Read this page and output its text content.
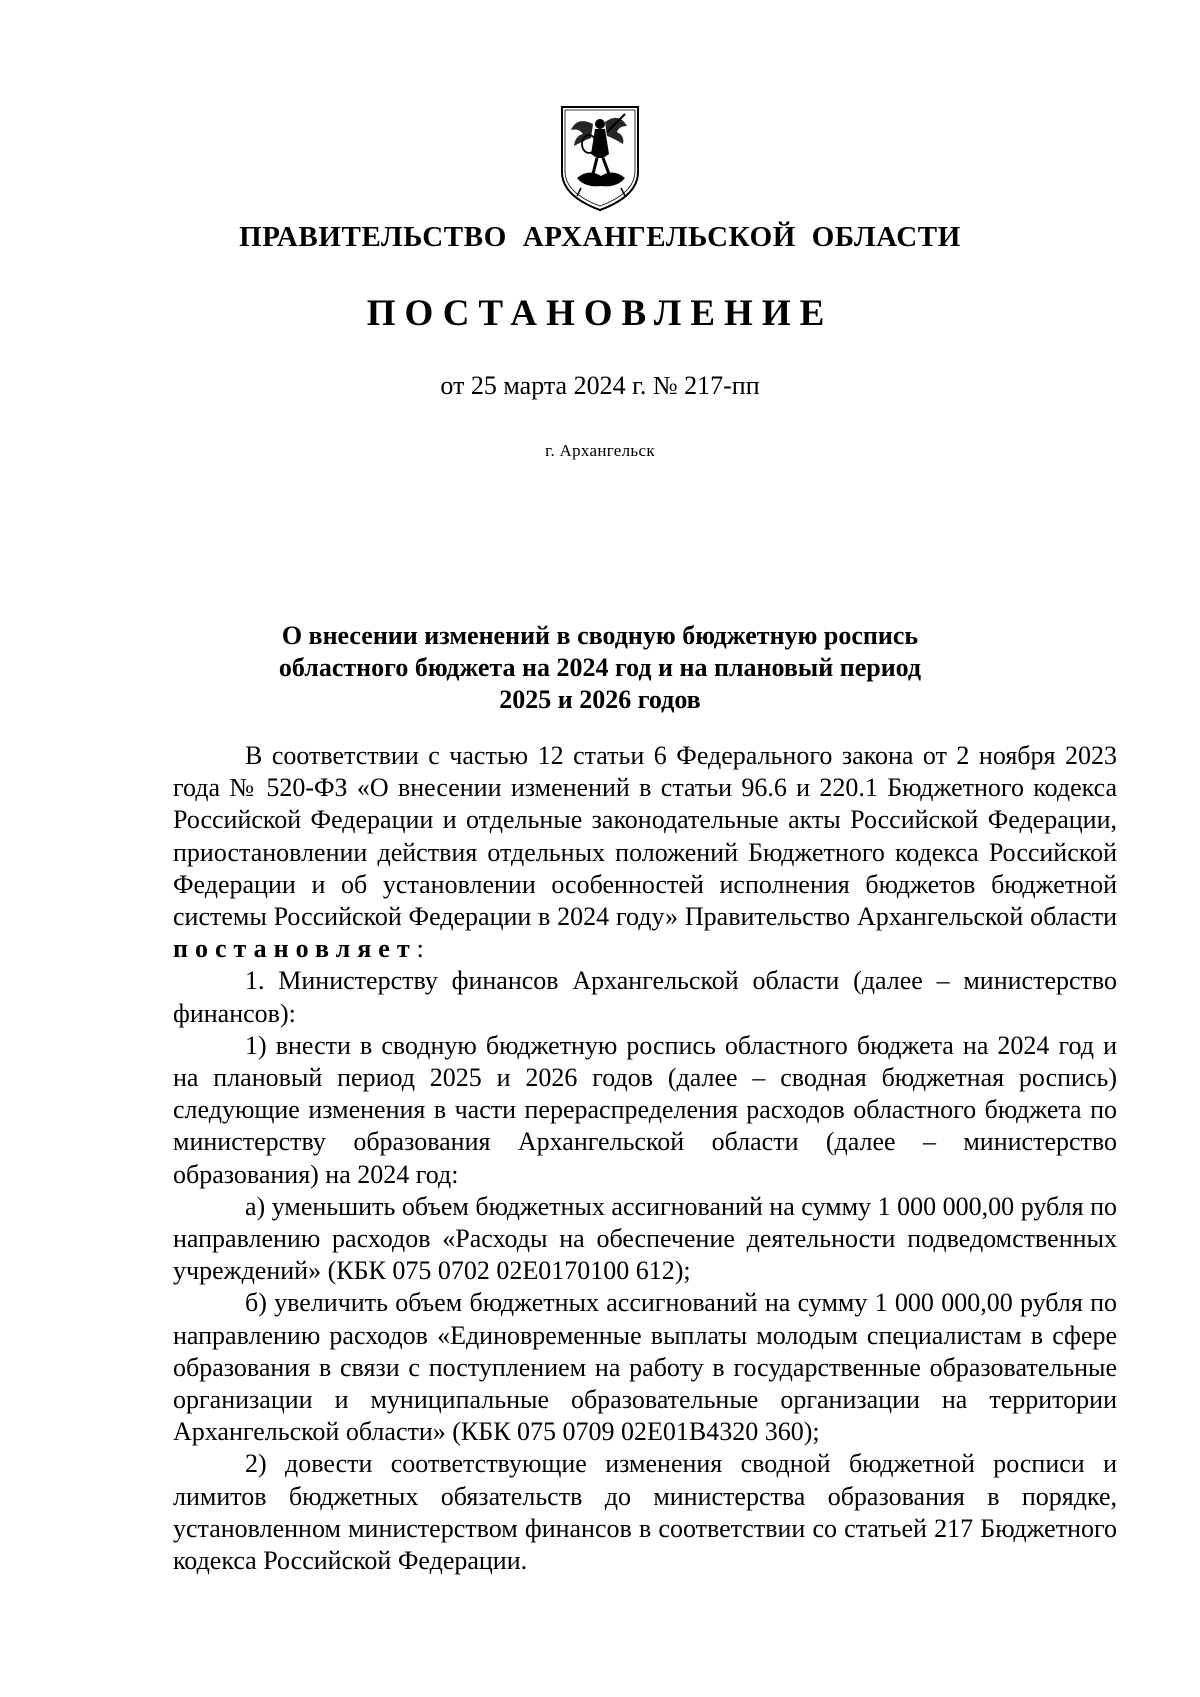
ПРАВИТЕЛЬСТВО АРХАНГЕЛЬСКОЙ ОБЛАСТИ
ПОСТАНОВЛЕНИЕ
от 25 марта 2024 г. № 217-пп
г. Архангельск
О внесении изменений в сводную бюджетную роспись
областного бюджета на 2024 год и на плановый период
2025 и 2026 годов

В соответствии с частью 12 статьи 6 Федерального закона от 2 ноября 2023 года № 520-ФЗ «О внесении изменений в статьи 96.6 и 220.1 Бюджетного кодекса Российской Федерации и отдельные законодательные акты Российской Федерации, приостановлении действия отдельных положений Бюджетного кодекса Российской Федерации и об установлении особенностей исполнения бюджетов бюджетной системы Российской Федерации в 2024 году» Правительство Архангельской области постановляет:

1. Министерству финансов Архангельской области (далее – министерство финансов):

1) внести в сводную бюджетную роспись областного бюджета на 2024 год и на плановый период 2025 и 2026 годов (далее – сводная бюджетная роспись) следующие изменения в части перераспределения расходов областного бюджета по министерству образования Архангельской области (далее – министерство образования) на 2024 год:

а) уменьшить объем бюджетных ассигнований на сумму 1 000 000,00 рубля по направлению расходов «Расходы на обеспечение деятельности подведомственных учреждений» (КБК 075 0702 02Е0170100 612);

б) увеличить объем бюджетных ассигнований на сумму 1 000 000,00 рубля по направлению расходов «Единовременные выплаты молодым специалистам в сфере образования в связи с поступлением на работу в государственные образовательные организации и муниципальные образовательные организации на территории Архангельской области» (КБК 075 0709 02Е01В4320 360);

2) довести соответствующие изменения сводной бюджетной росписи и лимитов бюджетных обязательств до министерства образования в порядке, установленном министерством финансов в соответствии со статьей 217 Бюджетного кодекса Российской Федерации.
